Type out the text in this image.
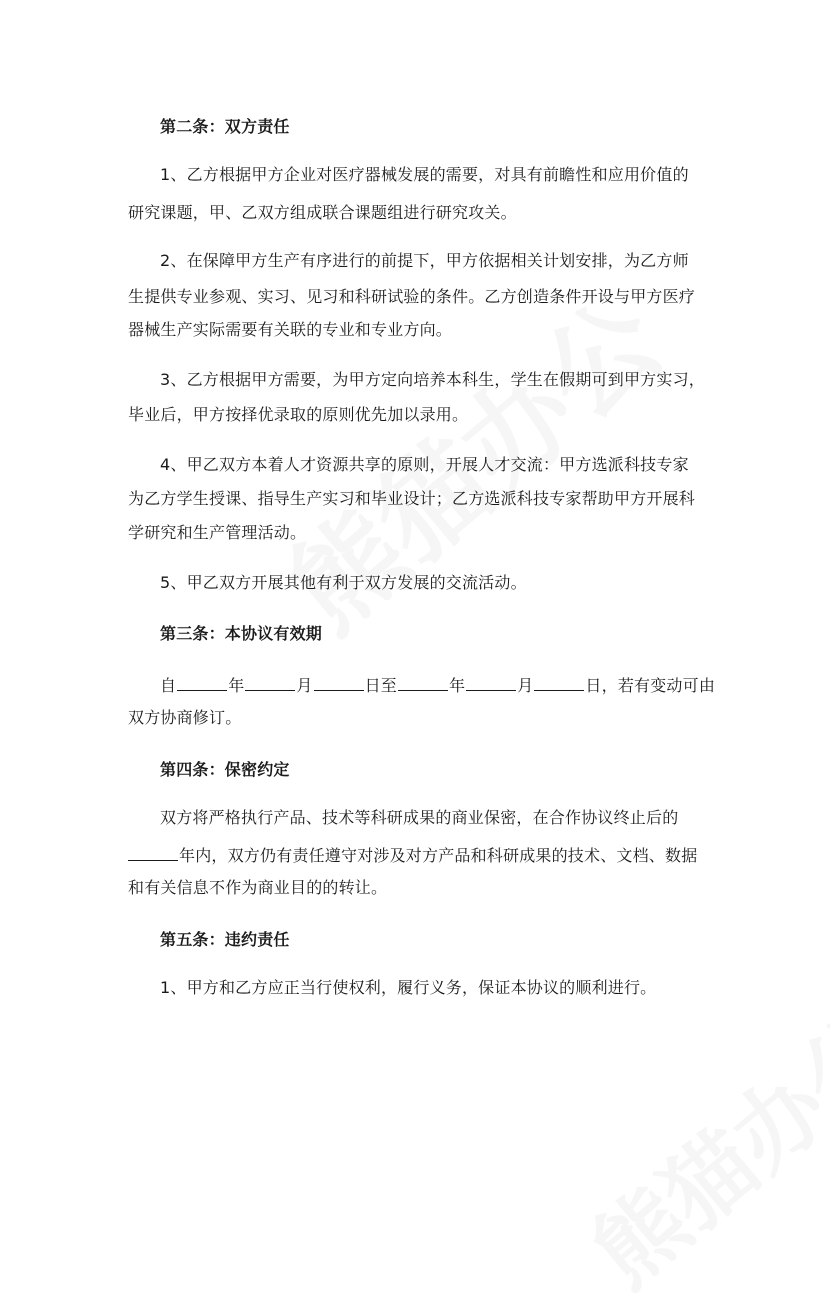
第二条：双方责任
1、乙方根据甲方企业对医疗器械发展的需要，对具有前瞻性和应用价值的
研究课题，甲、乙双方组成联合课题组进行研究攻关。
2、在保障甲方生产有序进行的前提下，甲方依据相关计划安排，为乙方师
生提供专业参观、实习、见习和科研试验的条件。乙方创造条件开设与甲方医疗
器械生产实际需要有关联的专业和专业方向。
3、乙方根据甲方需要，为甲方定向培养本科生，学生在假期可到甲方实习，
毕业后，甲方按择优录取的原则优先加以录用。
4、甲乙双方本着人才资源共享的原则，开展人才交流：甲方选派科技专家
为乙方学生授课、指导生产实习和毕业设计；乙方选派科技专家帮助甲方开展科
学研究和生产管理活动。
5、甲乙双方开展其他有利于双方发展的交流活动。
第三条：本协议有效期
自	年	月	日至	年	月	日，若有变动可由
双方协商修订。
第四条：保密约定
双方将严格执行产品、技术等科研成果的商业保密，在合作协议终止后的
年内，双方仍有责任遵守对涉及对方产品和科研成果的技术、文档、数据
和有关信息不作为商业目的的转让。
第五条：违约责任
1、甲方和乙方应正当行使权利，履行义务，保证本协议的顺利进行。
